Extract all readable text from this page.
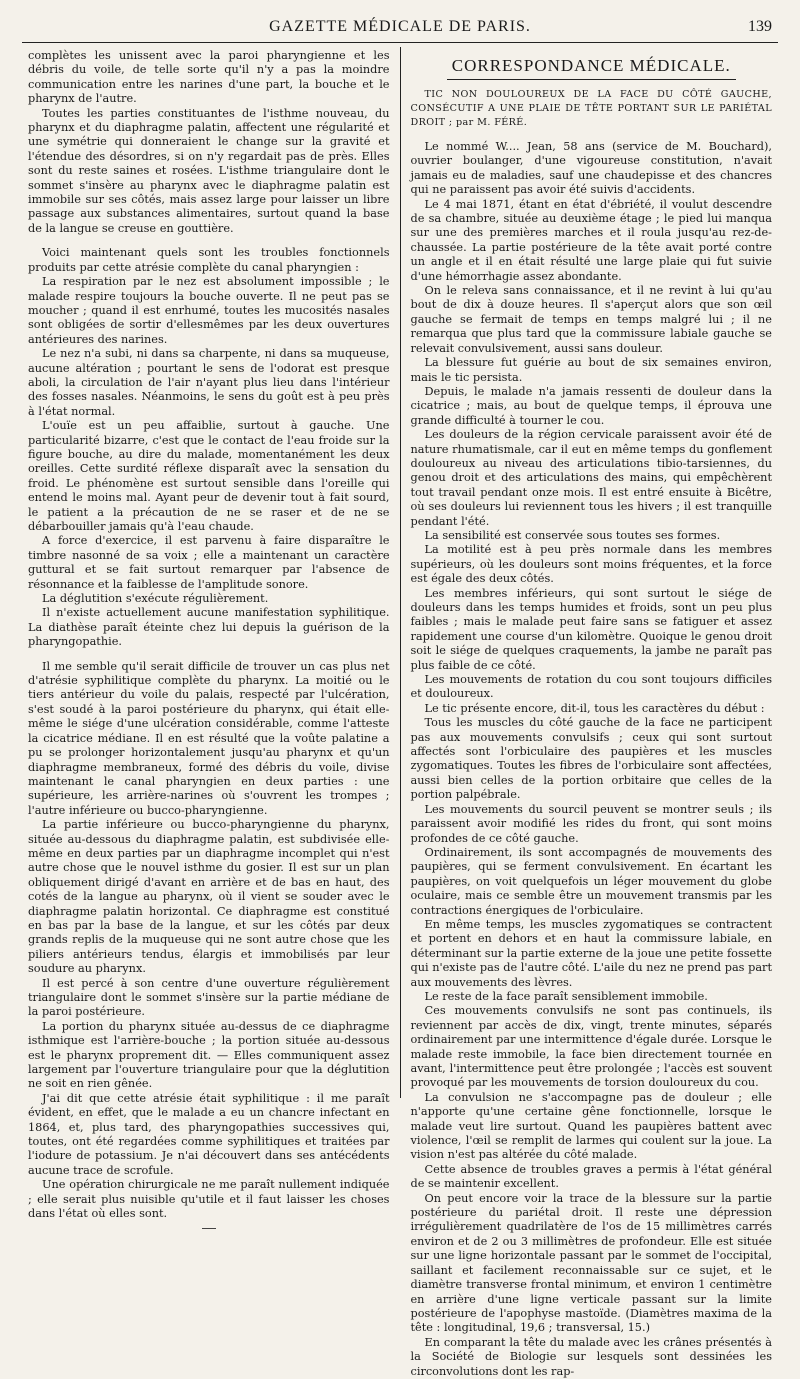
GAZETTE MÉDICALE DE PARIS.	139

complètes les unissent avec la paroi pharyngienne et les débris du voile, de telle sorte qu'il n'y a pas la moindre communication entre les narines d'une part, la bouche et le pharynx de l'autre.

Toutes les parties constituantes de l'isthme nouveau, du pharynx et du diaphragme palatin, affectent une régularité et une symétrie qui donneraient le change sur la gravité et l'étendue des désordres, si on n'y regardait pas de près. Elles sont du reste saines et rosées. L'isthme triangulaire dont le sommet s'insère au pharynx avec le diaphragme palatin est immobile sur ses côtés, mais assez large pour laisser un libre passage aux substances alimentaires, surtout quand la base de la langue se creuse en gouttière.

Voici maintenant quels sont les troubles fonctionnels produits par cette atrésie complète du canal pharyngien :

La respiration par le nez est absolument impossible ; le malade respire toujours la bouche ouverte. Il ne peut pas se moucher ; quand il est enrhumé, toutes les mucosités nasales sont obligées de sortir d'ellesmêmes par les deux ouvertures antérieures des narines.

Le nez n'a subi, ni dans sa charpente, ni dans sa muqueuse, aucune altération ; pourtant le sens de l'odorat est presque aboli, la circulation de l'air n'ayant plus lieu dans l'intérieur des fosses nasales. Néanmoins, le sens du goût est à peu près à l'état normal.

L'ouïe est un peu affaiblie, surtout à gauche. Une particularité bizarre, c'est que le contact de l'eau froide sur la figure bouche, au dire du malade, momentanément les deux oreilles. Cette surdité réflexe disparaît avec la sensation du froid. Le phénomène est surtout sensible dans l'oreille qui entend le moins mal. Ayant peur de devenir tout à fait sourd, le patient a la précaution de ne se raser et de ne se débarbouiller jamais qu'à l'eau chaude.

A force d'exercice, il est parvenu à faire disparaître le timbre nasonné de sa voix ; elle a maintenant un caractère guttural et se fait surtout remarquer par l'absence de résonnance et la faiblesse de l'amplitude sonore.

La déglutition s'exécute régulièrement.

Il n'existe actuellement aucune manifestation syphilitique. La diathèse paraît éteinte chez lui depuis la guérison de la pharyngopathie.

Il me semble qu'il serait difficile de trouver un cas plus net d'atrésie syphilitique complète du pharynx. La moitié ou le tiers antérieur du voile du palais, respecté par l'ulcération, s'est soudé à la paroi postérieure du pharynx, qui était elle-même le siége d'une ulcération considérable, comme l'atteste la cicatrice médiane. Il en est résulté que la voûte palatine a pu se prolonger horizontalement jusqu'au pharynx et qu'un diaphragme membraneux, formé des débris du voile, divise maintenant le canal pharyngien en deux parties : une supérieure, les arrière-narines où s'ouvrent les trompes ; l'autre inférieure ou bucco-pharyngienne.

La partie inférieure ou bucco-pharyngienne du pharynx, située au-dessous du diaphragme palatin, est subdivisée elle-même en deux parties par un diaphragme incomplet qui n'est autre chose que le nouvel isthme du gosier. Il est sur un plan obliquement dirigé d'avant en arrière et de bas en haut, des cotés de la langue au pharynx, où il vient se souder avec le diaphragme palatin horizontal. Ce diaphragme est constitué en bas par la base de la langue, et sur les côtés par deux grands replis de la muqueuse qui ne sont autre chose que les piliers antérieurs tendus, élargis et immobilisés par leur soudure au pharynx.

Il est percé à son centre d'une ouverture régulièrement triangulaire dont le sommet s'insère sur la partie médiane de la paroi postérieure.

La portion du pharynx située au-dessus de ce diaphragme isthmique est l'arrière-bouche ; la portion située au-dessous est le pharynx proprement dit. — Elles communiquent assez largement par l'ouverture triangulaire pour que la déglutition ne soit en rien gênée.

J'ai dit que cette atrésie était syphilitique : il me paraît évident, en effet, que le malade a eu un chancre infectant en 1864, et, plus tard, des pharyngopathies successives qui, toutes, ont été regardées comme syphilitiques et traitées par l'iodure de potassium. Je n'ai découvert dans ses antécédents aucune trace de scrofule.

Une opération chirurgicale ne me paraît nullement indiquée ; elle serait plus nuisible qu'utile et il faut laisser les choses dans l'état où elles sont.

CORRESPONDANCE MÉDICALE.
TIC NON DOULOUREUX DE LA FACE DU CÔTÉ GAUCHE, CONSÉCUTIF A UNE PLAIE DE TÊTE PORTANT SUR LE PARIÉTAL DROIT ; par M. FÉRÉ.

Le nommé W.... Jean, 58 ans (service de M. Bouchard), ouvrier boulanger, d'une vigoureuse constitution, n'avait jamais eu de maladies, sauf une chaudepisse et des chancres qui ne paraissent pas avoir été suivis d'accidents.

Le 4 mai 1871, étant en état d'ébriété, il voulut descendre de sa chambre, située au deuxième étage ; le pied lui manqua sur une des premières marches et il roula jusqu'au rez-de-chaussée. La partie postérieure de la tête avait porté contre un angle et il en était résulté une large plaie qui fut suivie d'une hémorrhagie assez abondante.

On le releva sans connaissance, et il ne revint à lui qu'au bout de dix à douze heures. Il s'aperçut alors que son œil gauche se fermait de temps en temps malgré lui ; il ne remarqua que plus tard que la commissure labiale gauche se relevait convulsivement, aussi sans douleur.

La blessure fut guérie au bout de six semaines environ, mais le tic persista.

Depuis, le malade n'a jamais ressenti de douleur dans la cicatrice ; mais, au bout de quelque temps, il éprouva une grande difficulté à tourner le cou.

Les douleurs de la région cervicale paraissent avoir été de nature rhumatismale, car il eut en même temps du gonflement douloureux au niveau des articulations tibio-tarsiennes, du genou droit et des articulations des mains, qui empêchèrent tout travail pendant onze mois. Il est entré ensuite à Bicêtre, où ses douleurs lui reviennent tous les hivers ; il est tranquille pendant l'été.

La sensibilité est conservée sous toutes ses formes.

La motilité est à peu près normale dans les membres supérieurs, où les douleurs sont moins fréquentes, et la force est égale des deux côtés.

Les membres inférieurs, qui sont surtout le siége de douleurs dans les temps humides et froids, sont un peu plus faibles ; mais le malade peut faire sans se fatiguer et assez rapidement une course d'un kilomètre. Quoique le genou droit soit le siége de quelques craquements, la jambe ne paraît pas plus faible de ce côté.

Les mouvements de rotation du cou sont toujours difficiles et douloureux.

Le tic présente encore, dit-il, tous les caractères du début :

Tous les muscles du côté gauche de la face ne participent pas aux mouvements convulsifs ; ceux qui sont surtout affectés sont l'orbiculaire des paupières et les muscles zygomatiques. Toutes les fibres de l'orbiculaire sont affectées, aussi bien celles de la portion orbitaire que celles de la portion palpébrale.

Les mouvements du sourcil peuvent se montrer seuls ; ils paraissent avoir modifié les rides du front, qui sont moins profondes de ce côté gauche.

Ordinairement, ils sont accompagnés de mouvements des paupières, qui se ferment convulsivement. En écartant les paupières, on voit quelquefois un léger mouvement du globe oculaire, mais ce semble être un mouvement transmis par les contractions énergiques de l'orbiculaire.

En même temps, les muscles zygomatiques se contractent et portent en dehors et en haut la commissure labiale, en déterminant sur la partie externe de la joue une petite fossette qui n'existe pas de l'autre côté. L'aile du nez ne prend pas part aux mouvements des lèvres.

Le reste de la face paraît sensiblement immobile.

Ces mouvements convulsifs ne sont pas continuels, ils reviennent par accès de dix, vingt, trente minutes, séparés ordinairement par une intermittence d'égale durée. Lorsque le malade reste immobile, la face bien directement tournée en avant, l'intermittence peut être prolongée ; l'accès est souvent provoqué par les mouvements de torsion douloureux du cou.

La convulsion ne s'accompagne pas de douleur ; elle n'apporte qu'une certaine gêne fonctionnelle, lorsque le malade veut lire surtout. Quand les paupières battent avec violence, l'œil se remplit de larmes qui coulent sur la joue. La vision n'est pas altérée du côté malade.

Cette absence de troubles graves a permis à l'état général de se maintenir excellent.

On peut encore voir la trace de la blessure sur la partie postérieure du pariétal droit. Il reste une dépression irrégulièrement quadrilatère de l'os de 15 millimètres carrés environ et de 2 ou 3 millimètres de profondeur. Elle est située sur une ligne horizontale passant par le sommet de l'occipital, saillant et facilement reconnaissable sur ce sujet, et le diamètre transverse frontal minimum, et environ 1 centimètre en arrière d'une ligne verticale passant sur la limite postérieure de l'apophyse mastoïde. (Diamètres maxima de la tête : longitudinal, 19,6 ; transversal, 15.)

En comparant la tête du malade avec les crânes présentés à la Société de Biologie sur lesquels sont dessinées les circonvolutions dont les rap-
